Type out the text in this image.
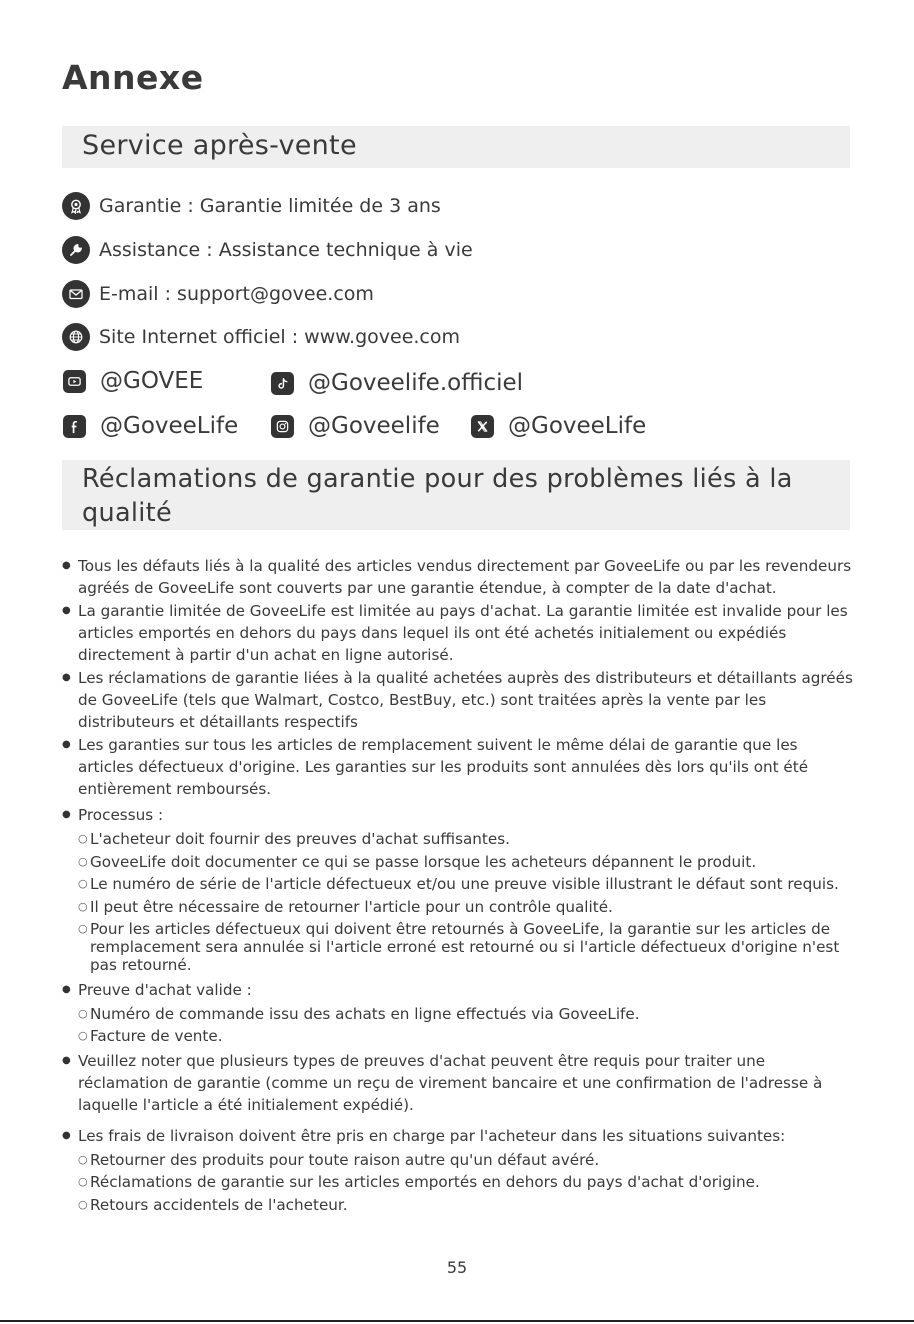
Annexe
Service après-vente
Garantie : Garantie limitée de 3 ans
Assistance : Assistance technique à vie
E-mail : support@govee.com
Site Internet officiel : www.govee.com
@GOVEE	@Goveelife.officiel
@GoveeLife	@Goveelife	@GoveeLife
Réclamations de garantie pour des problèmes liés à la qualité
● Tous les défauts liés à la qualité des articles vendus directement par GoveeLife ou par les revendeurs agréés de GoveeLife sont couverts par une garantie étendue, à compter de la date d'achat.
● La garantie limitée de GoveeLife est limitée au pays d'achat. La garantie limitée est invalide pour les articles emportés en dehors du pays dans lequel ils ont été achetés initialement ou expédiés directement à partir d'un achat en ligne autorisé.
● Les réclamations de garantie liées à la qualité achetées auprès des distributeurs et détaillants agréés de GoveeLife (tels que Walmart, Costco, BestBuy, etc.) sont traitées après la vente par les distributeurs et détaillants respectifs
● Les garanties sur tous les articles de remplacement suivent le même délai de garantie que les articles défectueux d'origine. Les garanties sur les produits sont annulées dès lors qu'ils ont été entièrement remboursés.
● Processus :
○ L'acheteur doit fournir des preuves d'achat suffisantes.
○ GoveeLife doit documenter ce qui se passe lorsque les acheteurs dépannent le produit.
○ Le numéro de série de l'article défectueux et/ou une preuve visible illustrant le défaut sont requis.
○ Il peut être nécessaire de retourner l'article pour un contrôle qualité.
○ Pour les articles défectueux qui doivent être retournés à GoveeLife, la garantie sur les articles de remplacement sera annulée si l'article erroné est retourné ou si l'article défectueux d'origine n'est pas retourné.
● Preuve d'achat valide :
○ Numéro de commande issu des achats en ligne effectués via GoveeLife.
○ Facture de vente.
● Veuillez noter que plusieurs types de preuves d'achat peuvent être requis pour traiter une réclamation de garantie (comme un reçu de virement bancaire et une confirmation de l'adresse à laquelle l'article a été initialement expédié).
● Les frais de livraison doivent être pris en charge par l'acheteur dans les situations suivantes:
○ Retourner des produits pour toute raison autre qu'un défaut avéré.
○ Réclamations de garantie sur les articles emportés en dehors du pays d'achat d'origine.
○ Retours accidentels de l'acheteur.
55
